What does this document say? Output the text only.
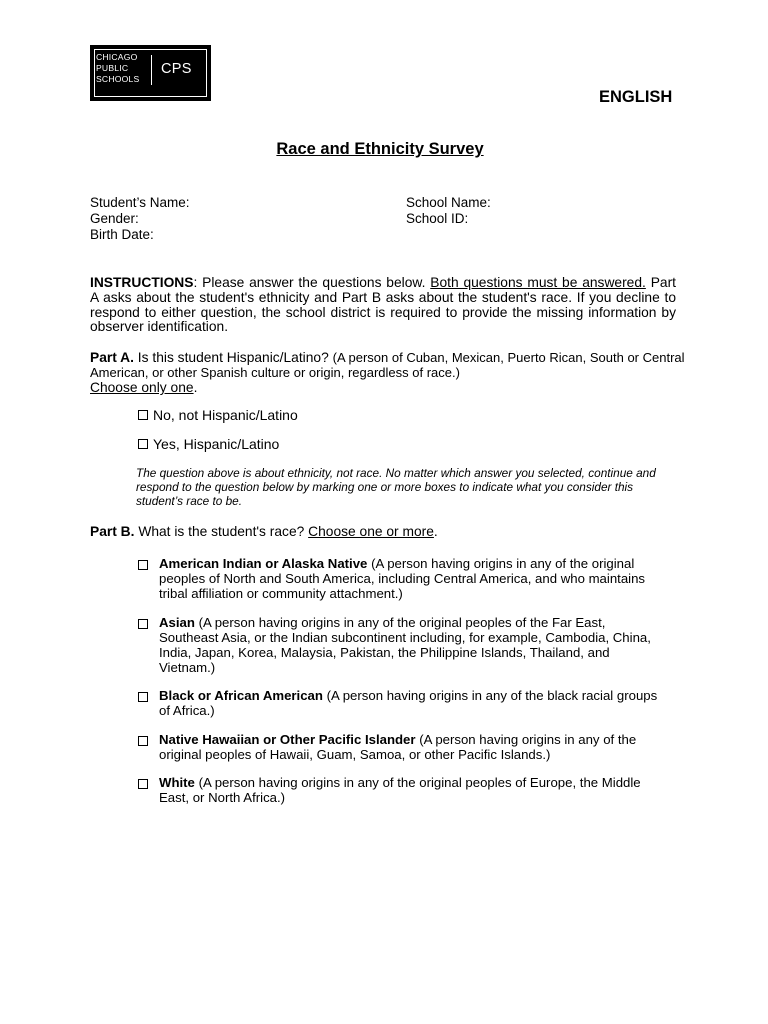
CHICAGO
PUBLIC
SCHOOLS
CPS
ENGLISH
Race and Ethnicity Survey
Student’s Name:
Gender:
Birth Date:
School Name:
School ID:
INSTRUCTIONS: Please answer the questions below. Both questions must be answered. Part A asks about the student's ethnicity and Part B asks about the student's race. If you decline to respond to either question, the school district is required to provide the missing information by observer identification.
Part A. Is this student Hispanic/Latino? (A person of Cuban, Mexican, Puerto Rican, South or Central American, or other Spanish culture or origin, regardless of race.)
Choose only one.
No, not Hispanic/Latino
Yes, Hispanic/Latino
The question above is about ethnicity, not race. No matter which answer you selected, continue and respond to the question below by marking one or more boxes to indicate what you consider this student’s race to be.
Part B. What is the student's race? Choose one or more.
American Indian or Alaska Native (A person having origins in any of the original peoples of North and South America, including Central America, and who maintains tribal affiliation or community attachment.)
Asian (A person having origins in any of the original peoples of the Far East, Southeast Asia, or the Indian subcontinent including, for example, Cambodia, China, India, Japan, Korea, Malaysia, Pakistan, the Philippine Islands, Thailand, and Vietnam.)
Black or African American (A person having origins in any of the black racial groups of Africa.)
Native Hawaiian or Other Pacific Islander (A person having origins in any of the original peoples of Hawaii, Guam, Samoa, or other Pacific Islands.)
White (A person having origins in any of the original peoples of Europe, the Middle East, or North Africa.)
